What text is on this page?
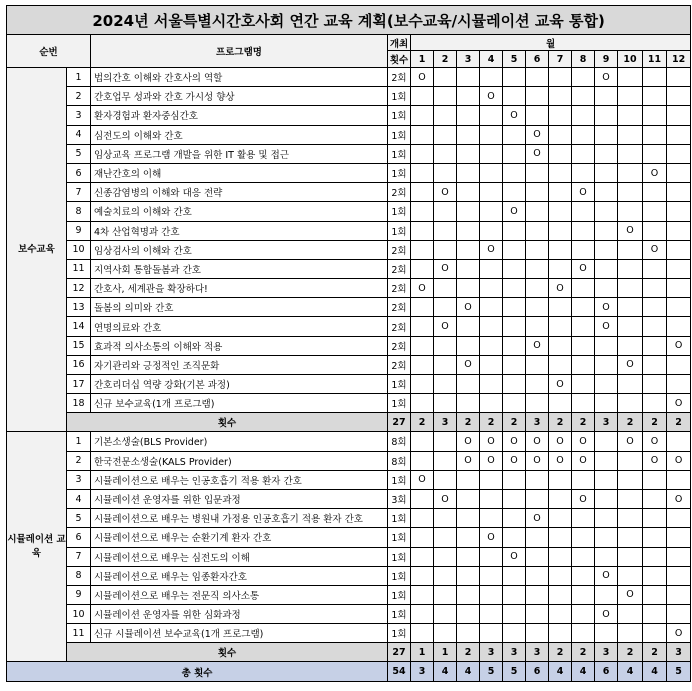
2024년 서울특별시간호사회 연간 교육 계획(보수교육/시뮬레이션 교육 통합)															
순번		프로그램명	개최	월											
			횟수	1	2	3	4	5	6	7	8	9	10	11	12
보수교육	1	법의간호 이해와 간호사의 역할	2회	O								O			
	2	간호업무 성과와 간호 가시성 향상	1회				O								
	3	환자경험과 환자중심간호	1회					O							
	4	심전도의 이해와 간호	1회						O						
	5	임상교육 프로그램 개발을 위한 IT 활용 및 접근	1회						O						
	6	재난간호의 이해	1회											O	
	7	신종감염병의 이해와 대응 전략	2회		O						O				
	8	예술치료의 이해와 간호	1회					O							
	9	4차 산업혁명과 간호	1회										O		
	10	임상검사의 이해와 간호	2회				O							O	
	11	지역사회 통합돌봄과 간호	2회		O						O				
	12	간호사, 세계관을 확장하다!	2회	O						O					
	13	돌봄의 의미와 간호	2회			O						O			
	14	연명의료와 간호	2회		O							O			
	15	효과적 의사소통의 이해와 적용	2회						O						O
	16	자기관리와 긍정적인 조직문화	2회			O							O		
	17	간호리더십 역량 강화(기본 과정)	1회							O					
	18	신규 보수교육(1개 프로그램)	1회												O
	횟수		27	2	3	2	2	2	3	2	2	3	2	2	2
시뮬레이션 교육	1	기본소생술(BLS Provider)	8회			O	O	O	O	O	O		O	O	
	2	한국전문소생술(KALS Provider)	8회			O	O	O	O	O	O			O	O
	3	시뮬레이션으로 배우는 인공호흡기 적용 환자 간호	1회	O											
	4	시뮬레이션 운영자를 위한 입문과정	3회		O						O				O
	5	시뮬레이션으로 배우는 병원내 가정용 인공호흡기 적용 환자 간호	1회						O						
	6	시뮬레이션으로 배우는 순환기계 환자 간호	1회				O								
	7	시뮬레이션으로 배우는 심전도의 이해	1회					O							
	8	시뮬레이션으로 배우는 임종환자간호	1회									O			
	9	시뮬레이션으로 배우는 전문직 의사소통	1회										O		
	10	시뮬레이션 운영자를 위한 심화과정	1회									O			
	11	신규 시뮬레이션 보수교육(1개 프로그램)	1회												O
	횟수		27	1	1	2	3	3	3	2	2	3	2	2	3
총 횟수			54	3	4	4	5	5	6	4	4	6	4	4	5
